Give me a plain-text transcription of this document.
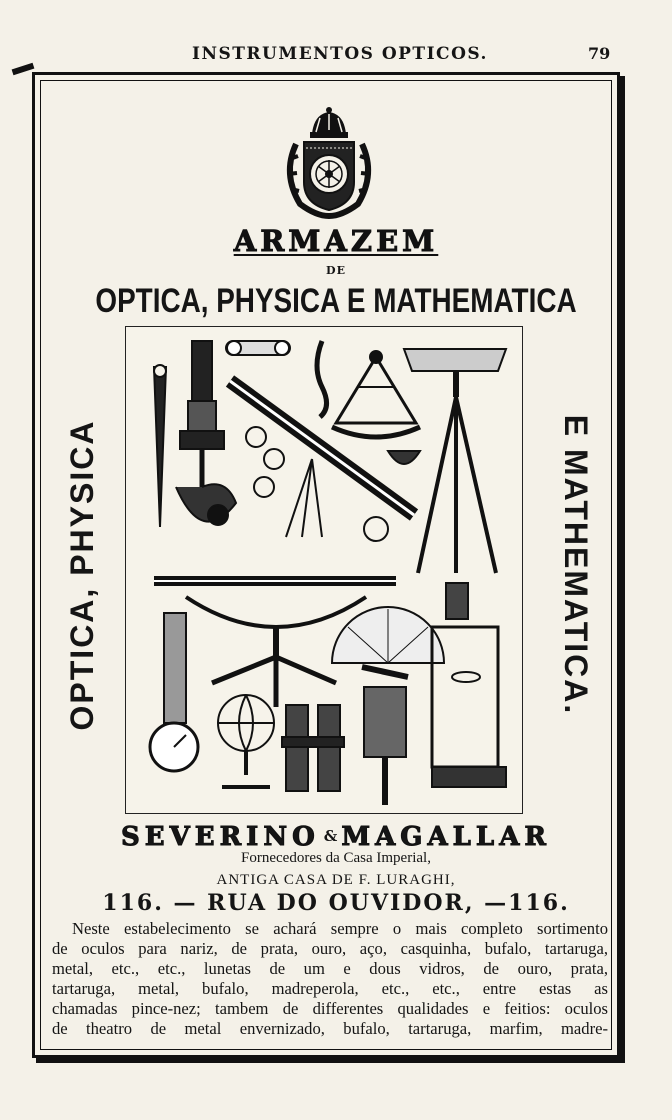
INSTRUMENTOS OPTICOS.	79
ARMAZEM
DE
OPTICA, PHYSICA E MATHEMATICA
OPTICA, PHYSICA	E MATHEMATICA.
SEVERINO & MAGALLAR
Fornecedores da Casa Imperial,
ANTIGA CASA DE F. LURAGHI,
116. — RUA DO OUVIDOR, —116.
Neste estabelecimento se achará sempre o mais completo sortimento
de oculos para nariz, de prata, ouro, aço, casquinha, bufalo, tartaruga,
metal, etc., etc., lunetas de um e dous vidros, de ouro, prata,
tartaruga, metal, bufalo, madreperola, etc., etc., entre estas as
chamadas pince-nez; tambem de differentes qualidades e feitios: oculos
de theatro de metal envernizado, bufalo, tartaruga, marfim, madre-
